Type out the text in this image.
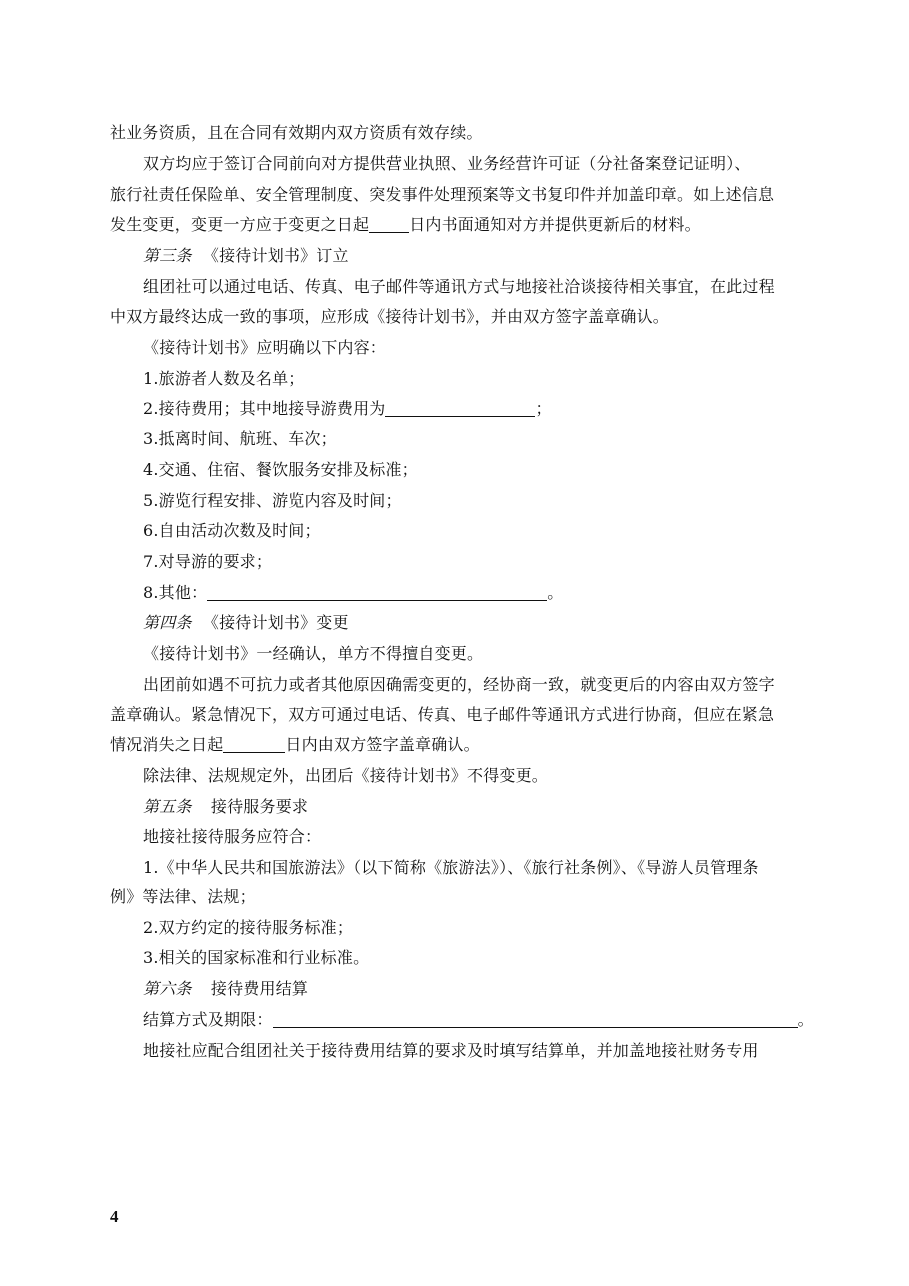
社业务资质，且在合同有效期内双方资质有效存续。
双方均应于签订合同前向对方提供营业执照、业务经营许可证（分社备案登记证明）、
旅行社责任保险单、安全管理制度、突发事件处理预案等文书复印件并加盖印章。如上述信息
发生变更，变更一方应于变更之日起	日内书面通知对方并提供更新后的材料。
第三条 《接待计划书》订立
组团社可以通过电话、传真、电子邮件等通讯方式与地接社洽谈接待相关事宜，在此过程
中双方最终达成一致的事项，应形成《接待计划书》，并由双方签字盖章确认。
《接待计划书》应明确以下内容：
1.旅游者人数及名单；
2.接待费用；其中地接导游费用为	；
3.抵离时间、航班、车次；
4.交通、住宿、餐饮服务安排及标准；
5.游览行程安排、游览内容及时间；
6.自由活动次数及时间；
7.对导游的要求；
8.其他：	。
第四条 《接待计划书》变更
《接待计划书》一经确认，单方不得擅自变更。
出团前如遇不可抗力或者其他原因确需变更的，经协商一致，就变更后的内容由双方签字
盖章确认。紧急情况下，双方可通过电话、传真、电子邮件等通讯方式进行协商，但应在紧急
情况消失之日起	日内由双方签字盖章确认。
除法律、法规规定外，出团后《接待计划书》不得变更。
第五条 接待服务要求
地接社接待服务应符合：
1.《中华人民共和国旅游法》（以下简称《旅游法》）、《旅行社条例》、《导游人员管理条
例》等法律、法规；
2.双方约定的接待服务标准；
3.相关的国家标准和行业标准。
第六条 接待费用结算
结算方式及期限：	。
地接社应配合组团社关于接待费用结算的要求及时填写结算单，并加盖地接社财务专用
4
